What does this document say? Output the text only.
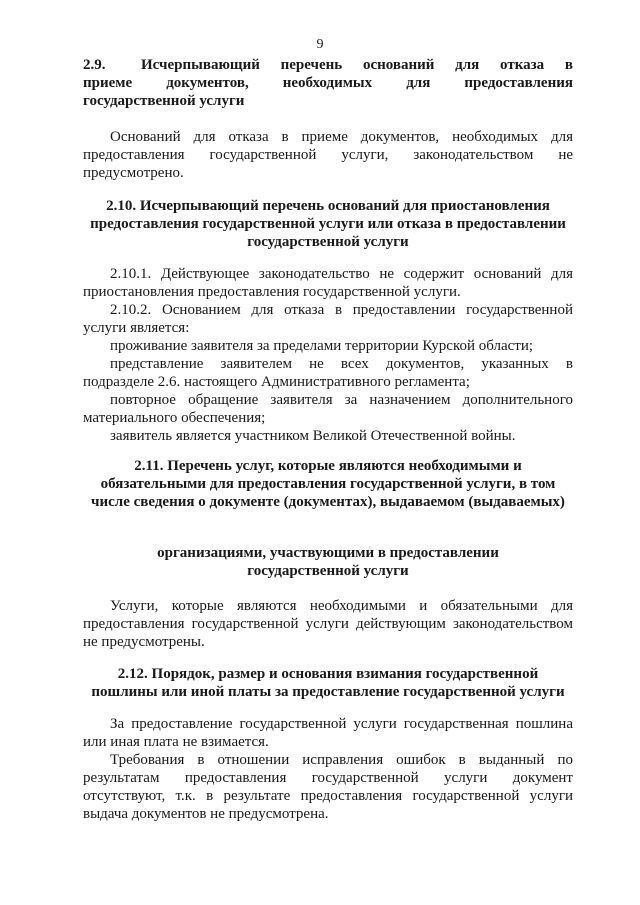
9
2.9.	Исчерпывающий перечень оснований для отказа в

приеме документов, необходимых для предоставления

государственной услуги

Оснований для отказа в приеме документов, необходимых для

предоставления государственной услуги, законодательством не

предусмотрено.

2.10. Исчерпывающий перечень оснований для приостановления

предоставления государственной услуги или отказа в предоставлении

государственной услуги

2.10.1. Действующее законодательство не содержит оснований для

приостановления предоставления государственной услуги.

2.10.2. Основанием для отказа в предоставлении государственной

услуги является:

проживание заявителя за пределами территории Курской области;

представление заявителем не всех документов, указанных в

подразделе 2.6. настоящего Административного регламента;

повторное обращение заявителя за назначением дополнительного

материального обеспечения;

заявитель является участником Великой Отечественной войны.

2.11. Перечень услуг, которые являются необходимыми и

обязательными для предоставления государственной услуги, в том

числе сведения о документе (документах), выдаваемом (выдаваемых)

организациями, участвующими в предоставлении

государственной услуги

Услуги, которые являются необходимыми и обязательными для

предоставления государственной услуги действующим законодательством

не предусмотрены.

2.12. Порядок, размер и основания взимания государственной

пошлины или иной платы за предоставление государственной услуги

За предоставление государственной услуги государственная пошлина

или иная плата не взимается.

Требования в отношении исправления ошибок в выданный по

результатам предоставления государственной услуги документ

отсутствуют, т.к. в результате предоставления государственной услуги

выдача документов не предусмотрена.
